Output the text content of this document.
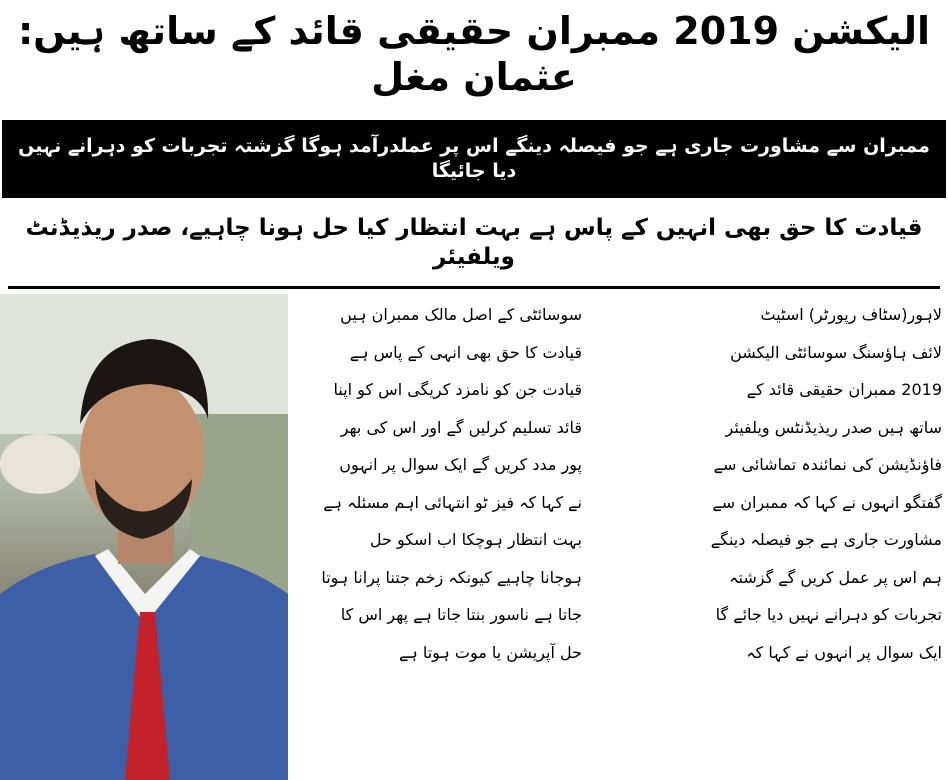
الیکشن 2019 ممبران حقیقی قائد کے ساتھ ہیں: عثمان مغل
ممبران سے مشاورت جاری ہے جو فیصلہ دینگے اس پر عملدرآمد ہوگا گزشتہ تجربات کو دہرانے نہیں دیا جائیگا
قیادت کا حق بھی انہیں کے پاس ہے بہت انتظار کیا حل ہونا چاہیے، صدر ریذیڈنٹ ویلفیئر
لاہور(سٹاف رپورٹر) اسٹیٹ
لائف ہاؤسنگ سوسائٹی الیکشن
2019 ممبران حقیقی قائد کے
ساتھ ہیں صدر ریذیڈنٹس ویلفیئر
فاؤنڈیشن کی نمائندہ تماشائی سے
گفتگو انہوں نے کہا کہ ممبران سے
مشاورت جاری ہے جو فیصلہ دینگے
ہم اس پر عمل کریں گے گزشتہ
تجربات کو دہرانے نہیں دیا جائے گا
ایک سوال پر انہوں نے کہا کہ
سوسائٹی کے اصل مالک ممبران ہیں
قیادت کا حق بھی انہی کے پاس ہے
قیادت جن کو نامزد کریگی اس کو اپنا
قائد تسلیم کرلیں گے اور اس کی بھر
پور مدد کریں گے ایک سوال پر انہوں
نے کہا کہ فیز ٹو انتہائی اہم مسئلہ ہے
بہت انتظار ہوچکا اب اسکو حل
ہوجانا چاہیے کیونکہ زخم جتنا پرانا ہوتا
جاتا ہے ناسور بنتا جاتا ہے پھر اس کا
حل آپریشن یا موت ہوتا ہے
